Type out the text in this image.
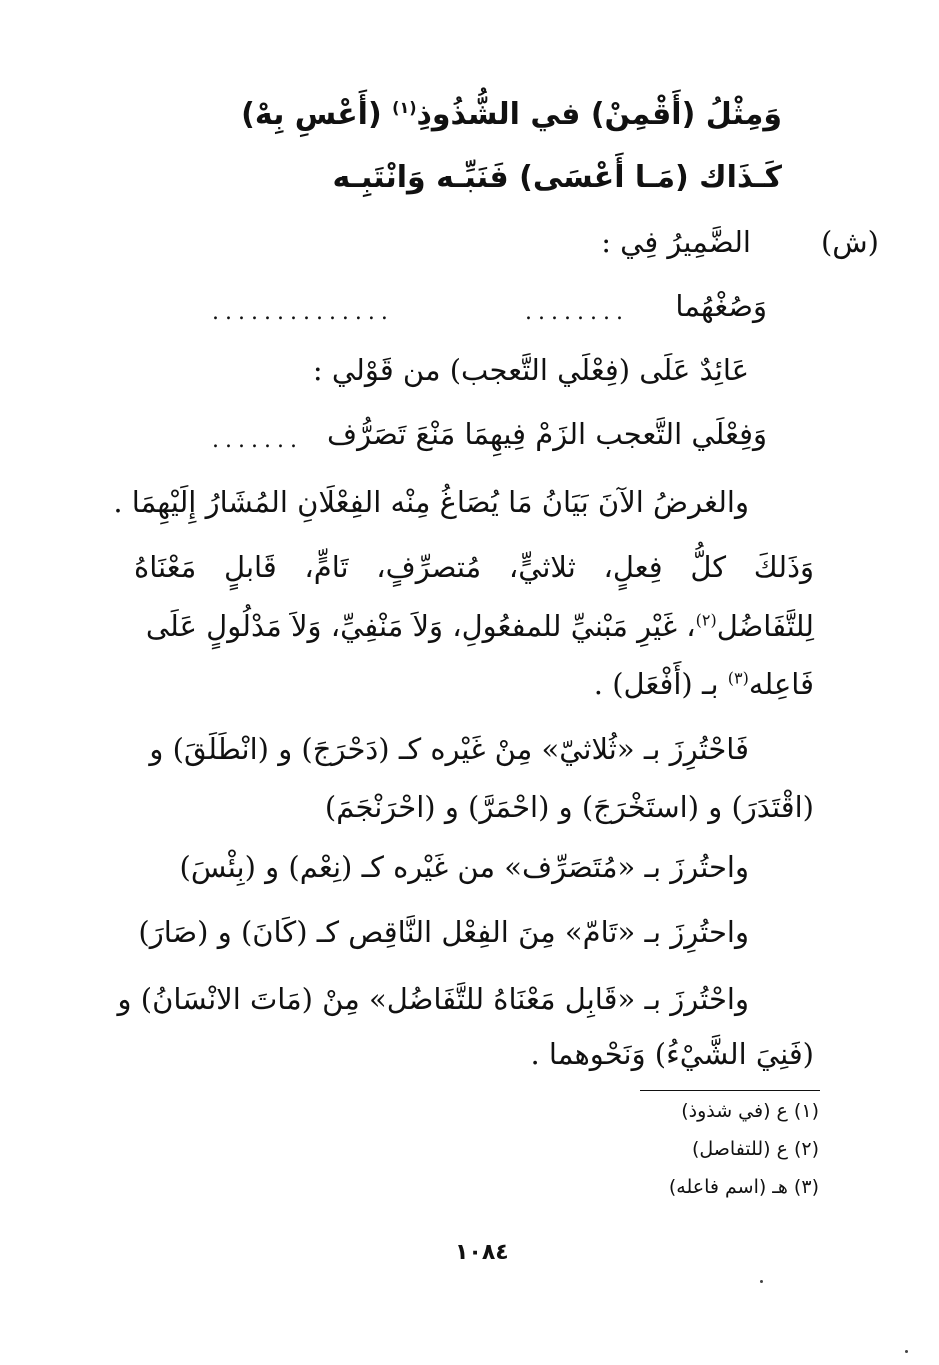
وَمِثْلُ (أَقْمِنْ) في الشُّذُوذِ$^{(١)}$ (أَعْسِ بِهْ)
كَـذَاك (مَـا أَعْسَى) فَنَبِّـه وَانْتَبِـه
(ش)
الضَّمِيرُ فِي :
وَصُغْهُما
........
..............
عَائِدٌ عَلَى (فِعْلَي التَّعجب) من قَوْلي :
وَفِعْلَي التَّعجب الزَمْ فِيهِمَا مَنْعَ تَصَرُّف
.......
والغرضُ الآنَ بَيَانُ مَا يُصَاغُ مِنْه الفِعْلَانِ المُشَارُ إِلَيْهِمَا .
وَذَلكَ
كلُّ
فِعلٍ،
ثلاثيٍّ،
مُتصرِّفٍ،
تَامٍّ،
قَابلٍ
مَعْنَاهُ
لِلتَّفَاضُل$^{(٢)}$، غَيْرِ مَبْنيِّ للمفعُولِ، وَلاَ مَنْفِيِّ، وَلاَ مَدْلُولٍ عَلَى
فَاعِله$^{(٣)}$ بـ (أَفْعَل) .
فَاحْتُرِزَ بـ «ثُلاثيّ» مِنْ غَيْره كـ (دَحْرَجَ) و (انْطَلَقَ) و
(اقْتَدَرَ) و (استَخْرَجَ) و (احْمَرَّ) و (احْرَنْجَمَ)
واحتُرزَ بـ «مُتَصَرِّف» من غَيْره كـ (نِعْم) و (بِئْسَ)
واحتُرِزَ بـ «تَامّ» مِنَ الفِعْل النَّاقِص كـ (كَانَ) و (صَارَ)
واحْتُرزَ بـ «قَابِل مَعْنَاهُ للتَّفَاضُل» مِنْ (مَاتَ الانْسَانُ) و
(فَنِيَ الشَّيْءُ) وَنَحْوهما .
(١) ع (في شذوذ)
(٢) ع (للتفاصل)
(٣) هـ (اسم فاعله)
١٠٨٤
